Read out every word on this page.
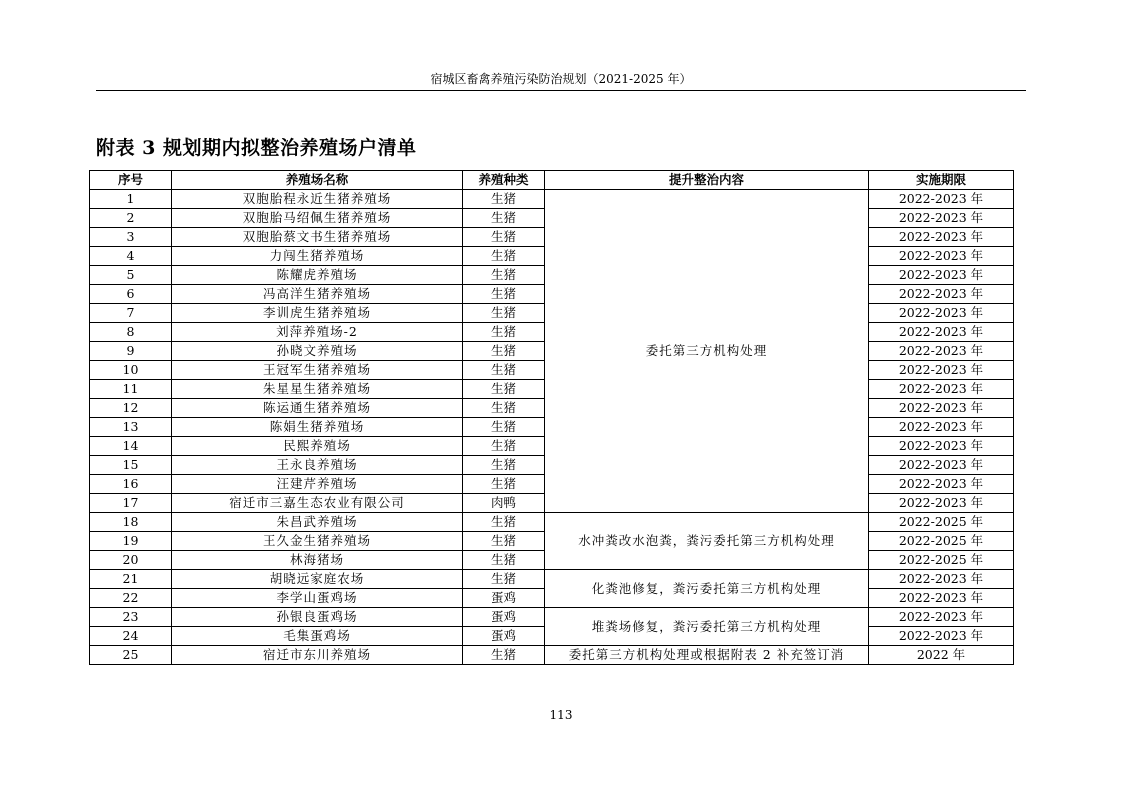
宿城区畜禽养殖污染防治规划（2021-2025 年）
附表 3 规划期内拟整治养殖场户清单
序号	养殖场名称	养殖种类	提升整治内容	实施期限
1	双胞胎程永近生猪养殖场	生猪	委托第三方机构处理	2022-2023 年
2	双胞胎马绍佩生猪养殖场	生猪		2022-2023 年
3	双胞胎蔡文书生猪养殖场	生猪		2022-2023 年
4	力闯生猪养殖场	生猪		2022-2023 年
5	陈耀虎养殖场	生猪		2022-2023 年
6	冯高洋生猪养殖场	生猪		2022-2023 年
7	李训虎生猪养殖场	生猪		2022-2023 年
8	刘萍养殖场-2	生猪		2022-2023 年
9	孙晓文养殖场	生猪		2022-2023 年
10	王冠军生猪养殖场	生猪		2022-2023 年
11	朱星星生猪养殖场	生猪		2022-2023 年
12	陈运通生猪养殖场	生猪		2022-2023 年
13	陈娟生猪养殖场	生猪		2022-2023 年
14	民熙养殖场	生猪		2022-2023 年
15	王永良养殖场	生猪		2022-2023 年
16	汪建芹养殖场	生猪		2022-2023 年
17	宿迁市三嘉生态农业有限公司	肉鸭		2022-2023 年
18	朱昌武养殖场	生猪	水冲粪改水泡粪，粪污委托第三方机构处理	2022-2025 年
19	王久金生猪养殖场	生猪		2022-2025 年
20	林海猪场	生猪		2022-2025 年
21	胡晓远家庭农场	生猪	化粪池修复，粪污委托第三方机构处理	2022-2023 年
22	李学山蛋鸡场	蛋鸡		2022-2023 年
23	孙银良蛋鸡场	蛋鸡	堆粪场修复，粪污委托第三方机构处理	2022-2023 年
24	毛集蛋鸡场	蛋鸡		2022-2023 年
25	宿迁市东川养殖场	生猪	委托第三方机构处理或根据附表 2 补充签订消	2022 年
113
